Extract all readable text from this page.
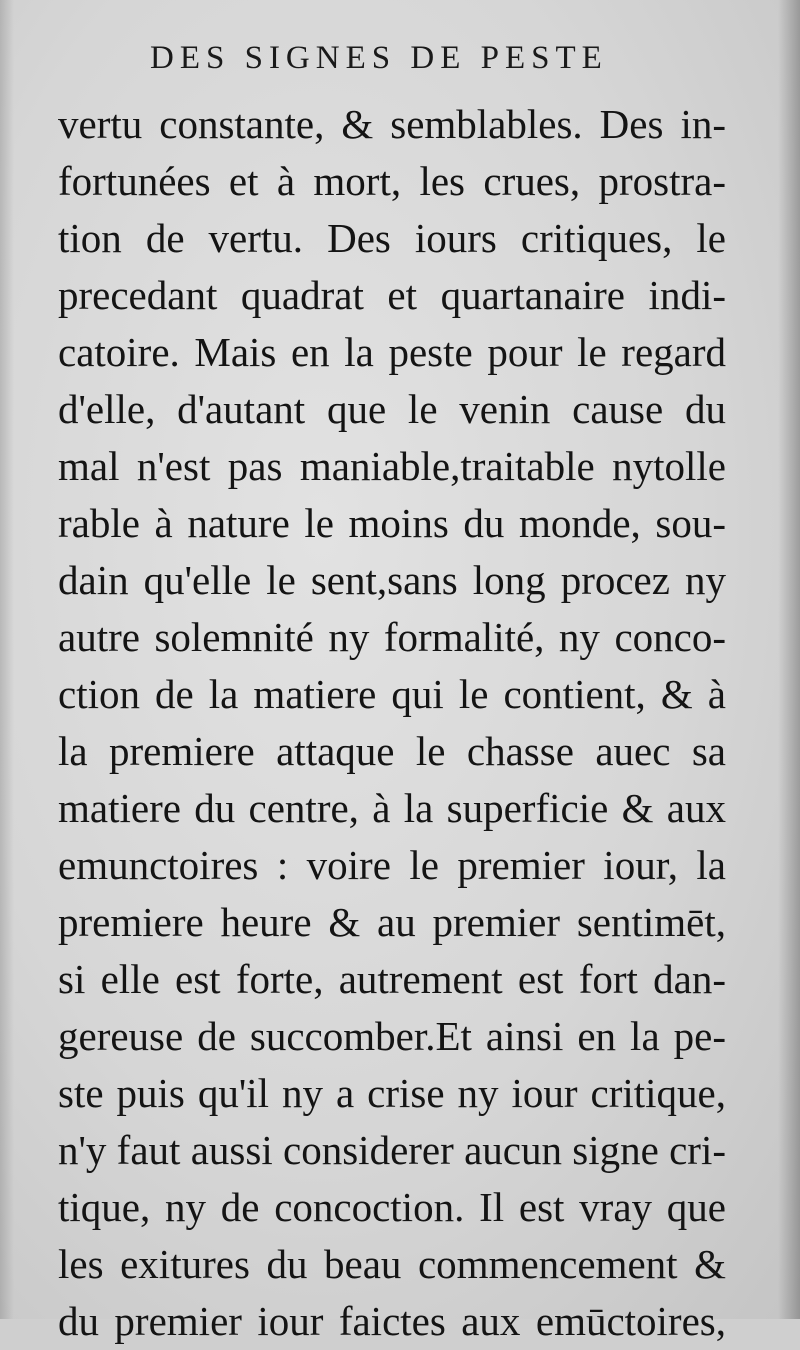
DES SIGNES DE PESTE
vertu constante, & semblables. Des in-
fortunées et à mort, les crues, prostra-
tion de vertu. Des iours critiques, le
precedant quadrat et quartanaire indi-
catoire. Mais en la peste pour le regard
d'elle, d'autant que le venin cause du
mal n'est pas maniable,traitable nytolle
rable à nature le moins du monde, sou-
dain qu'elle le sent,sans long procez ny
autre solemnité ny formalité, ny conco-
ction de la matiere qui le contient, & à
la premiere attaque le chasse auec sa
matiere du centre, à la superficie & aux
emunctoires : voire le premier iour, la
premiere heure & au premier sentimēt,
si elle est forte, autrement est fort dan-
gereuse de succomber.Et ainsi en la pe-
ste puis qu'il ny a crise ny iour critique,
n'y faut aussi considerer aucun signe cri-
tique, ny de concoction. Il est vray que
les exitures du beau commencement &
du premier iour faictes aux emūctoires,
